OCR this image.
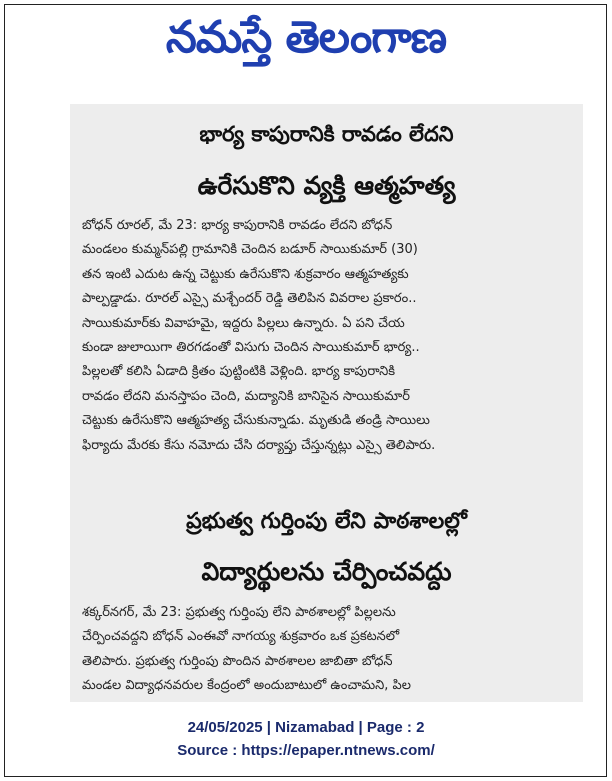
నమస్తే తెలంగాణ
భార్య కాపురానికి రావడం లేదని
ఉరేసుకొని వ్యక్తి ఆత్మహత్య
బోధన్ రూరల్, మే 23: భార్య కాపురానికి రావడం లేదని బోధన్
మండలం కుమ్మన్‌పల్లి గ్రామానికి చెందిన బడూర్ సాయికుమార్ (30)
తన ఇంటి ఎదుట ఉన్న చెట్టుకు ఉరేసుకొని శుక్రవారం ఆత్మహత్యకు
పాల్పడ్డాడు. రూరల్ ఎస్సై మశ్చేందర్ రెడ్డి తెలిపిన వివరాల ప్రకారం..
సాయికుమార్‌కు వివాహమై, ఇద్దరు పిల్లలు ఉన్నారు. ఏ పని చేయ
కుండా జులాయిగా తిరగడంతో విసుగు చెందిన సాయికుమార్ భార్య..
పిల్లలతో కలిసి ఏడాది క్రితం పుట్టింటికి వెళ్లింది. భార్య కాపురానికి
రావడం లేదని మనస్తాపం చెంది, మద్యానికి బానిసైన సాయికుమార్
చెట్టుకు ఉరేసుకొని ఆత్మహత్య చేసుకున్నాడు. మృతుడి తండ్రి సాయిలు
ఫిర్యాదు మేరకు కేసు నమోదు చేసి దర్యాప్తు చేస్తున్నట్లు ఎస్సై తెలిపారు.
ప్రభుత్వ గుర్తింపు లేని పాఠశాలల్లో
విద్యార్థులను చేర్పించవద్దు
శక్కర్‌నగర్, మే 23: ప్రభుత్వ గుర్తింపు లేని పాఠశాలల్లో పిల్లలను
చేర్పించవద్దని బోధన్ ఎంఈవో నాగయ్య శుక్రవారం ఒక ప్రకటనలో
తెలిపారు. ప్రభుత్వ గుర్తింపు పొందిన పాఠశాలల జాబితా బోధన్
మండల విద్యాధనవరుల కేంద్రంలో అందుబాటులో ఉంచామని, పిల
24/05/2025 | Nizamabad | Page : 2
Source : https://epaper.ntnews.com/
